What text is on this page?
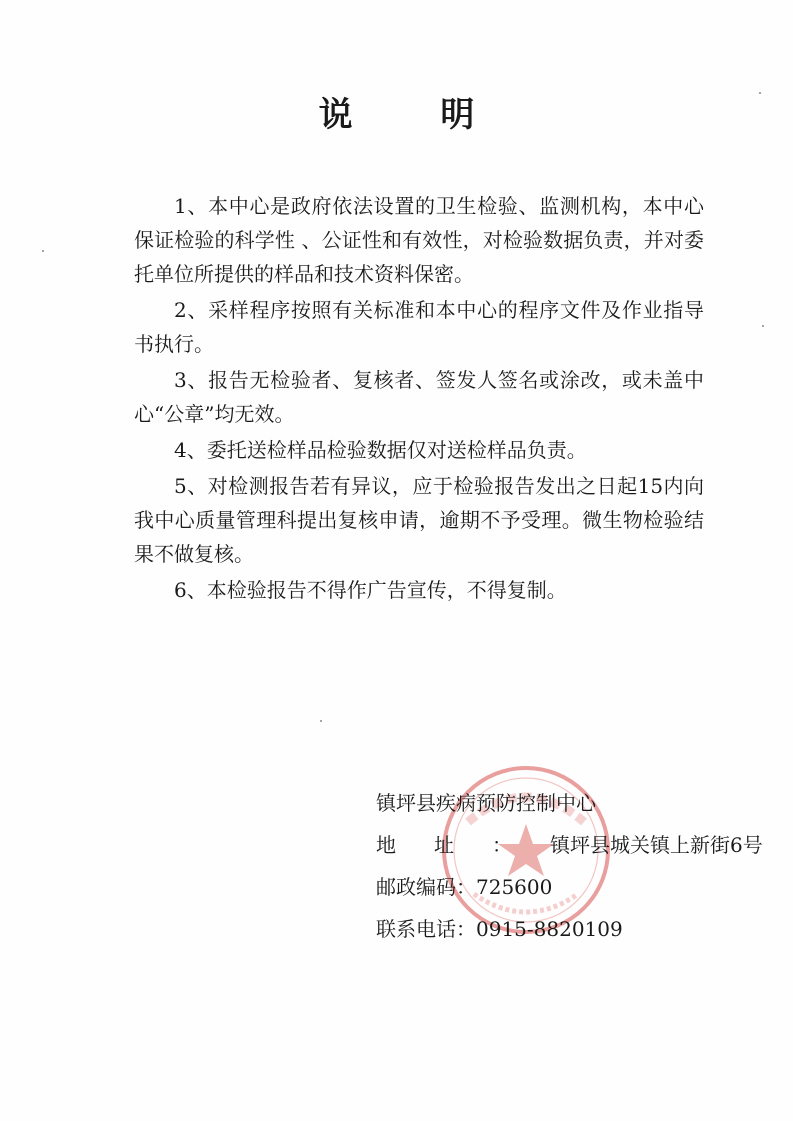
说 明

1、本中心是政府依法设置的卫生检验、监测机构，本中心保证检验的科学性 、公证性和有效性，对检验数据负责，并对委托单位所提供的样品和技术资料保密。

2、采样程序按照有关标准和本中心的程序文件及作业指导书执行。

3、报告无检验者、复核者、签发人签名或涂改，或未盖中心“公章”均无效。

4、委托送检样品检验数据仅对送检样品负责。

5、对检测报告若有异议，应于检验报告发出之日起15内向我中心质量管理科提出复核申请，逾期不予受理。微生物检验结果不做复核。

6、本检验报告不得作广告宣传，不得复制。

镇坪县疾病预防控制中心
地址： 镇坪县城关镇上新街6号
邮政编码： 725600
联系电话： 0915-8820109
